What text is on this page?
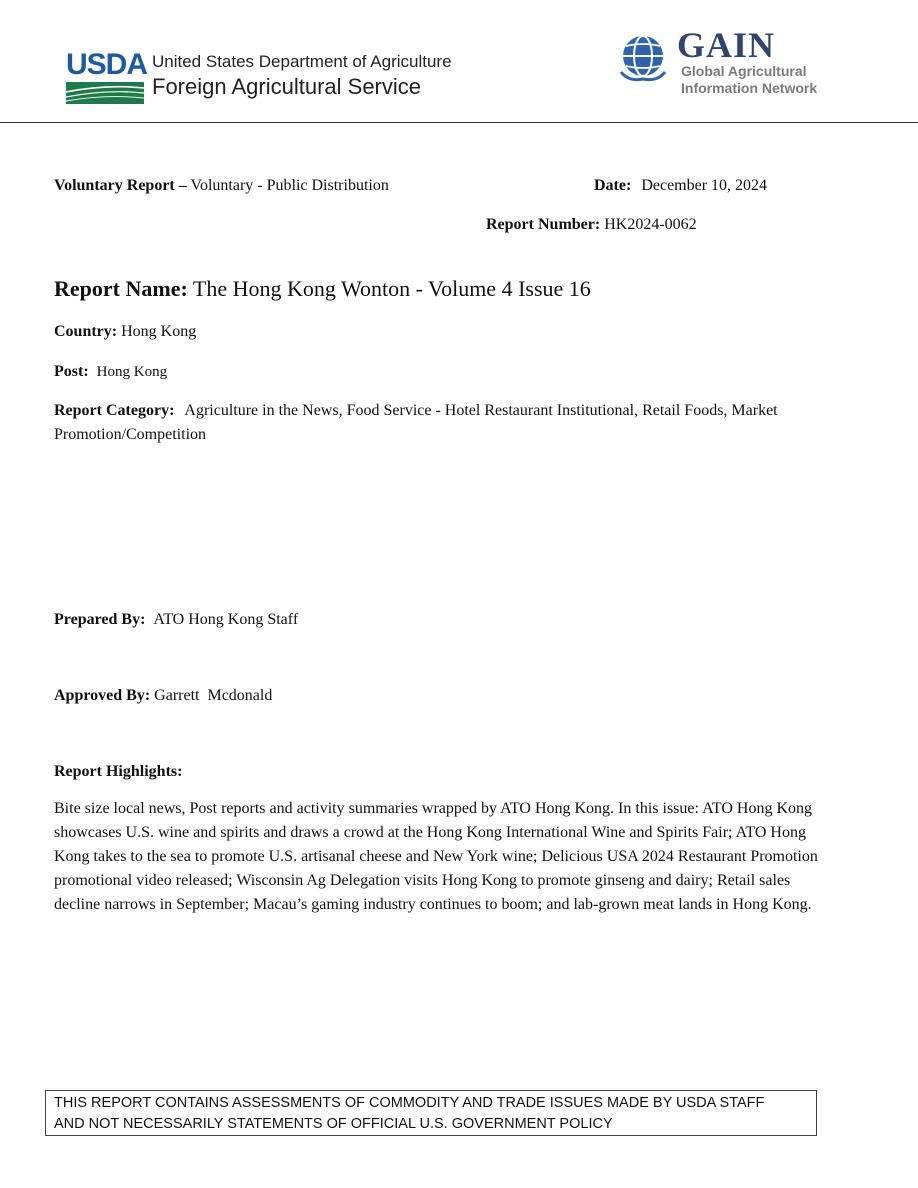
USDA United States Department of Agriculture
Foreign Agricultural Service
GAIN
Global Agricultural
Information Network
Voluntary Report – Voluntary - Public Distribution	Date: December 10, 2024
Report Number: HK2024-0062
Report Name: The Hong Kong Wonton - Volume 4 Issue 16
Country: Hong Kong
Post: Hong Kong
Report Category: Agriculture in the News, Food Service - Hotel Restaurant Institutional, Retail Foods, Market Promotion/Competition
Prepared By: ATO Hong Kong Staff
Approved By: Garrett  Mcdonald
Report Highlights:
Bite size local news, Post reports and activity summaries wrapped by ATO Hong Kong. In this issue: ATO Hong Kong showcases U.S. wine and spirits and draws a crowd at the Hong Kong International Wine and Spirits Fair; ATO Hong Kong takes to the sea to promote U.S. artisanal cheese and New York wine; Delicious USA 2024 Restaurant Promotion promotional video released; Wisconsin Ag Delegation visits Hong Kong to promote ginseng and dairy; Retail sales decline narrows in September; Macau’s gaming industry continues to boom; and lab-grown meat lands in Hong Kong.
THIS REPORT CONTAINS ASSESSMENTS OF COMMODITY AND TRADE ISSUES MADE BY USDA STAFF
AND NOT NECESSARILY STATEMENTS OF OFFICIAL U.S. GOVERNMENT POLICY
